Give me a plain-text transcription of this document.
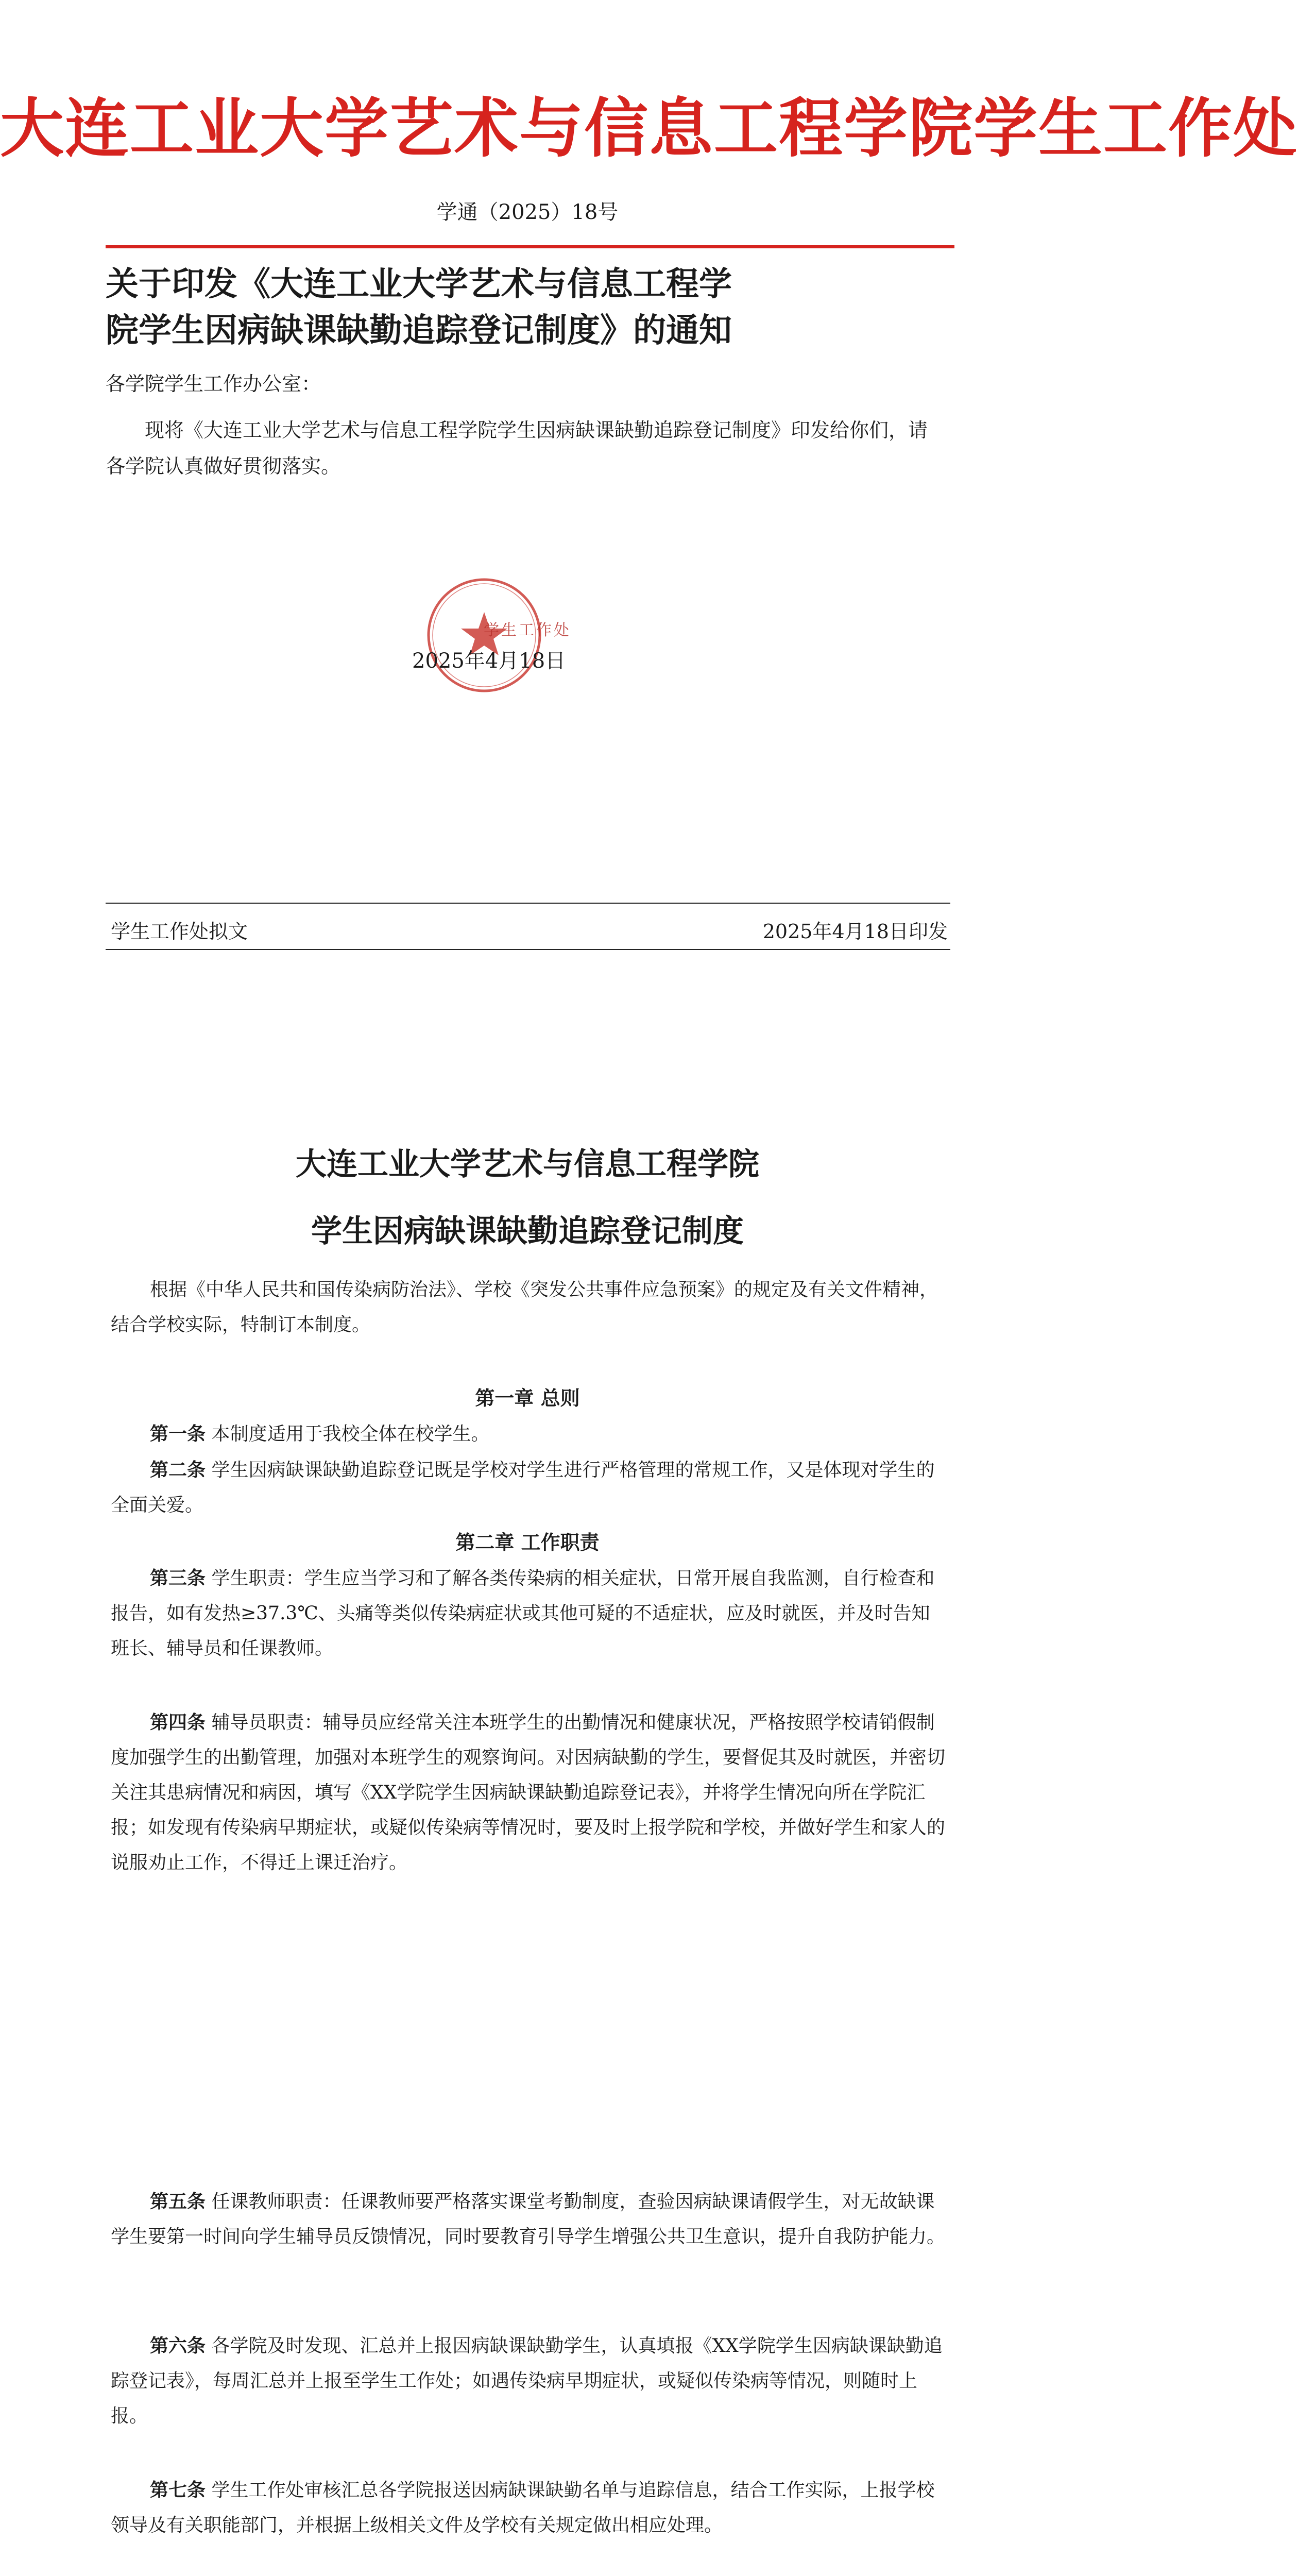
大连工业大学艺术与信息工程学院学生工作处
学通（2025）18号
关于印发《大连工业大学艺术与信息工程学
院学生因病缺课缺勤追踪登记制度》的通知
各学院学生工作办公室：
现将《大连工业大学艺术与信息工程学院学生因病缺课缺勤追踪登记制度》印发给你们，请各学院认真做好贯彻落实。
学生工作处
2025年4月18日
学生工作处拟文	2025年4月18日印发
大连工业大学艺术与信息工程学院
学生因病缺课缺勤追踪登记制度
根据《中华人民共和国传染病防治法》、学校《突发公共事件应急预案》的规定及有关文件精神，结合学校实际，特制订本制度。
第一章 总则
第一条 本制度适用于我校全体在校学生。
第二条 学生因病缺课缺勤追踪登记既是学校对学生进行严格管理的常规工作，又是体现对学生的全面关爱。
第二章 工作职责
第三条 学生职责：学生应当学习和了解各类传染病的相关症状，日常开展自我监测，自行检查和报告，如有发热≥37.3℃、头痛等类似传染病症状或其他可疑的不适症状，应及时就医，并及时告知班长、辅导员和任课教师。
第四条 辅导员职责：辅导员应经常关注本班学生的出勤情况和健康状况，严格按照学校请销假制度加强学生的出勤管理，加强对本班学生的观察询问。对因病缺勤的学生，要督促其及时就医，并密切关注其患病情况和病因，填写《XX学院学生因病缺课缺勤追踪登记表》，并将学生情况向所在学院汇报；如发现有传染病早期症状，或疑似传染病等情况时，要及时上报学院和学校，并做好学生和家人的说服劝止工作，不得迁上课迁治疗。
第五条 任课教师职责：任课教师要严格落实课堂考勤制度，查验因病缺课请假学生，对无故缺课学生要第一时间向学生辅导员反馈情况，同时要教育引导学生增强公共卫生意识，提升自我防护能力。
第六条 各学院及时发现、汇总并上报因病缺课缺勤学生，认真填报《XX学院学生因病缺课缺勤追踪登记表》，每周汇总并上报至学生工作处；如遇传染病早期症状，或疑似传染病等情况，则随时上报。
第七条 学生工作处审核汇总各学院报送因病缺课缺勤名单与追踪信息，结合工作实际，上报学校领导及有关职能部门，并根据上级相关文件及学校有关规定做出相应处理。
